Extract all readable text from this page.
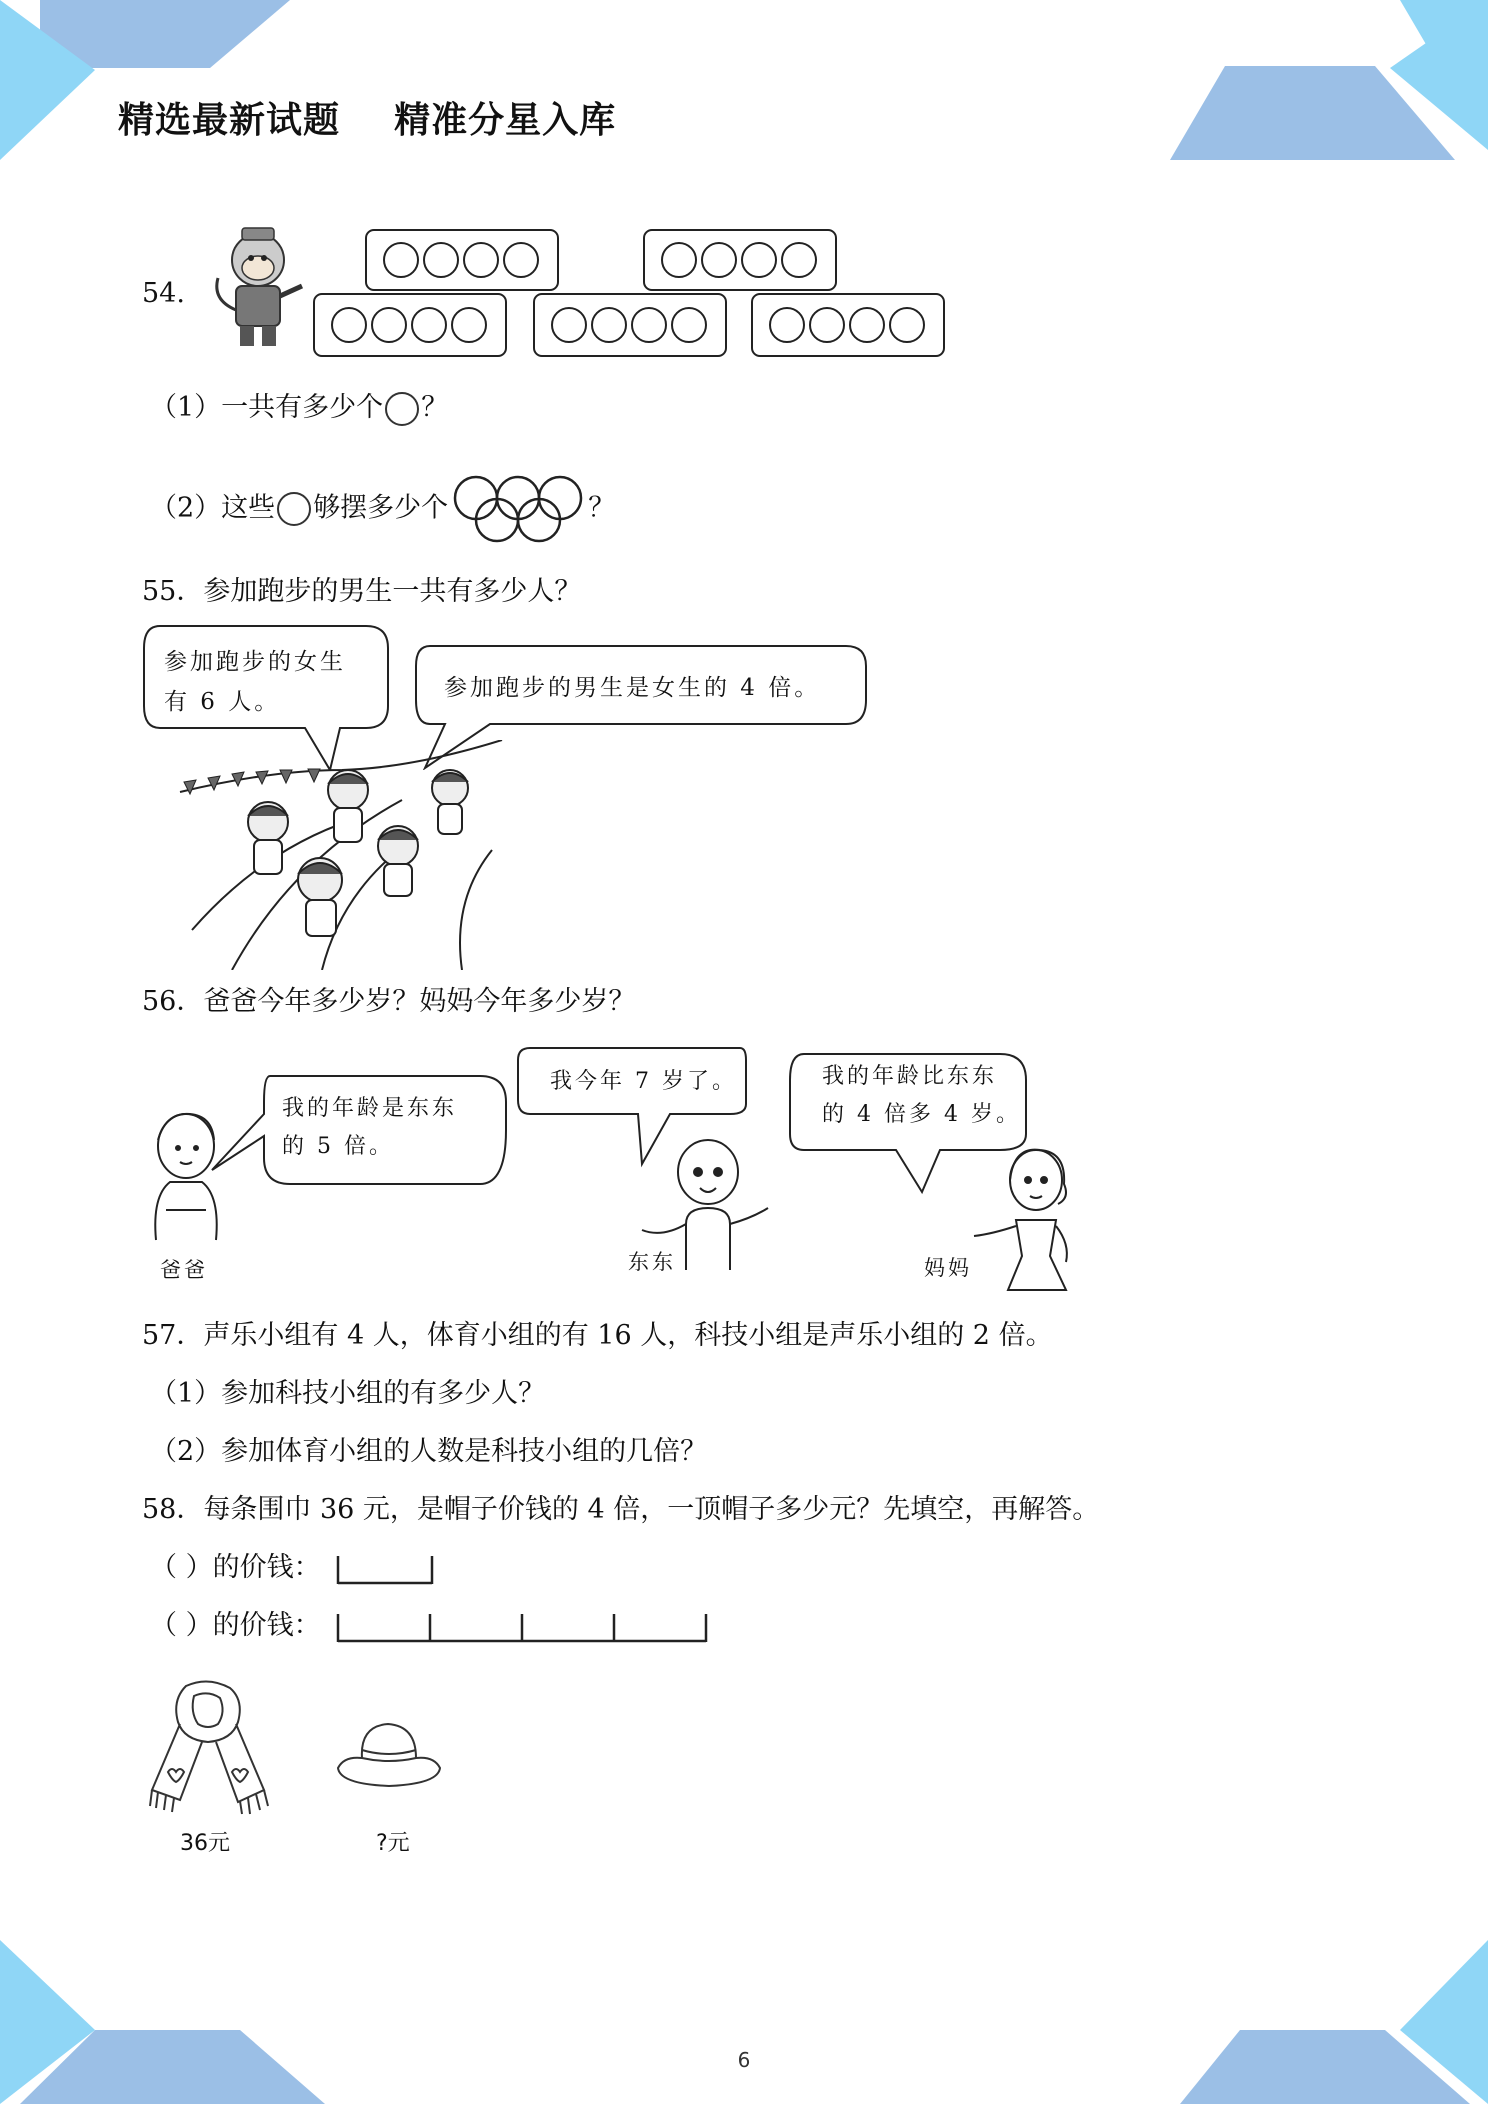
精选最新试题    精准分星入库
54.
（1）一共有多少个 ？
（2）这些 够摆多少个	？
55．参加跑步的男生一共有多少人？
参加跑步的女生
有 6 人。
参加跑步的男生是女生的 4 倍。
56．爸爸今年多少岁？妈妈今年多少岁？
我的年龄是东东
的 5 倍。
我今年 7 岁了。	我的年龄比东东
的 4 倍多 4 岁。
爸爸	东东	妈妈
57．声乐小组有 4 人，体育小组的有 16 人，科技小组是声乐小组的 2 倍。
（1）参加科技小组的有多少人？
（2）参加体育小组的人数是科技小组的几倍？
58．每条围巾 36 元，是帽子价钱的 4 倍，一顶帽子多少元？先填空，再解答。
（ ）的价钱：
（ ）的价钱：
36元	?元
6
